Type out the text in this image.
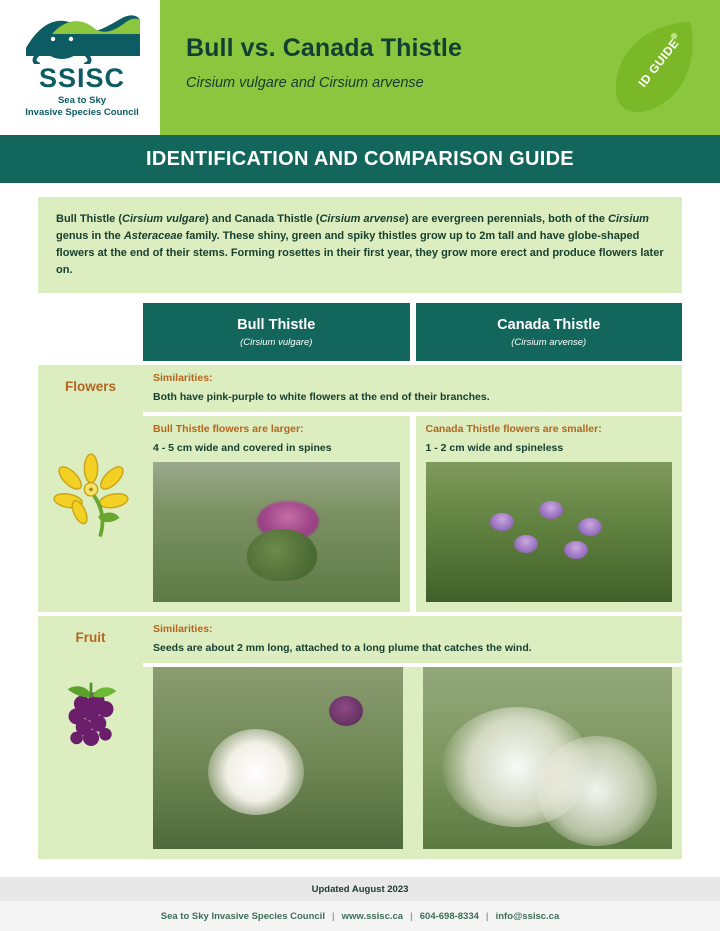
SSISC
Sea to Sky
Invasive Species Council
Bull vs. Canada Thistle
Cirsium vulgare and Cirsium arvense	ID GUIDE
IDENTIFICATION AND COMPARISON GUIDE
Bull Thistle (Cirsium vulgare) and Canada Thistle (Cirsium arvense) are evergreen perennials, both of the Cirsium genus in the Asteraceae family. These shiny, green and spiky thistles grow up to 2m tall and have globe-shaped flowers at the end of their stems. Forming rosettes in their first year, they grow more erect and produce flowers later on.
Bull Thistle
(Cirsium vulgare)
Canada Thistle
(Cirsium arvense)
Flowers
Similarities:
Both have pink-purple to white flowers at the end of their branches.
Bull Thistle flowers are larger:
4 - 5 cm wide and covered in spines
Canada Thistle flowers are smaller:
1 - 2 cm wide and spineless
Fruit
Similarities:
Seeds are about 2 mm long, attached to a long plume that catches the wind.
Updated August 2023
Sea to Sky Invasive Species Council | www.ssisc.ca | 604-698-8334 | info@ssisc.ca
